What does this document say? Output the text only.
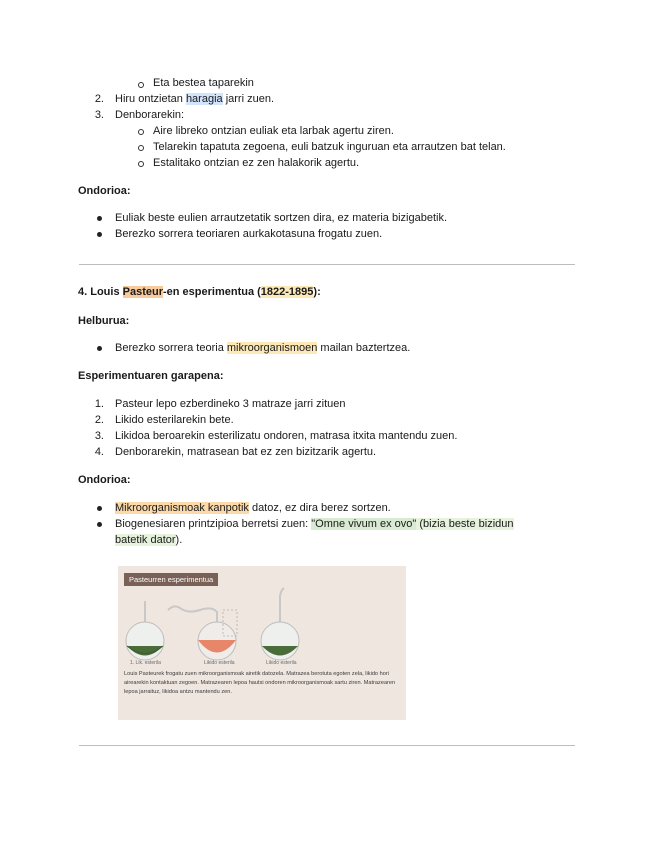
Eta bestea taparekin
2. Hiru ontzietan haragia jarri zuen.
3. Denborarekin:
Aire libreko ontzian euliak eta larbak agertu ziren.
Telarekin tapatuta zegoena, euli batzuk inguruan eta arrautzen bat telan.
Estalitako ontzian ez zen halakorik agertu.
Ondorioa:
Euliak beste eulien arrautzetatik sortzen dira, ez materia bizigabetik.
Berezko sorrera teoriaren aurkakotasuna frogatu zuen.
4. Louis Pasteur-en esperimentua (1822-1895):
Helburua:
Berezko sorrera teoria mikroorganismoen mailan baztertzea.
Esperimentuaren garapena:
1. Pasteur lepo ezberdineko 3 matraze jarri zituen
2. Likido esterilarekin bete.
3. Likidoa beroarekin esterilizatu ondoren, matrasa itxita mantendu zuen.
4. Denborarekin, matrasean bat ez zen bizitzarik agertu.
Ondorioa:
Mikroorganismoak kanpotik datoz, ez dira berez sortzen.
Biogenesiaren printzipioa berretsi zuen: "Omne vivum ex ovo" (bizia beste bizidun
batetik dator).
Pasteurren esperimentua
1. Lik. esterila	Likido esterila	Likido esterila
Louis Pasteurek frogatu zuen mikroorganismoak airetik datozela. Matrazea berotuta egoten zela, likido hori airearekin kontaktuan zegoen. Matrazearen lepoa hautsi ondoren mikroorganismoak sartu ziren. Matrazearen lepoa jarraituz, likidoa antzu mantendu zen.
